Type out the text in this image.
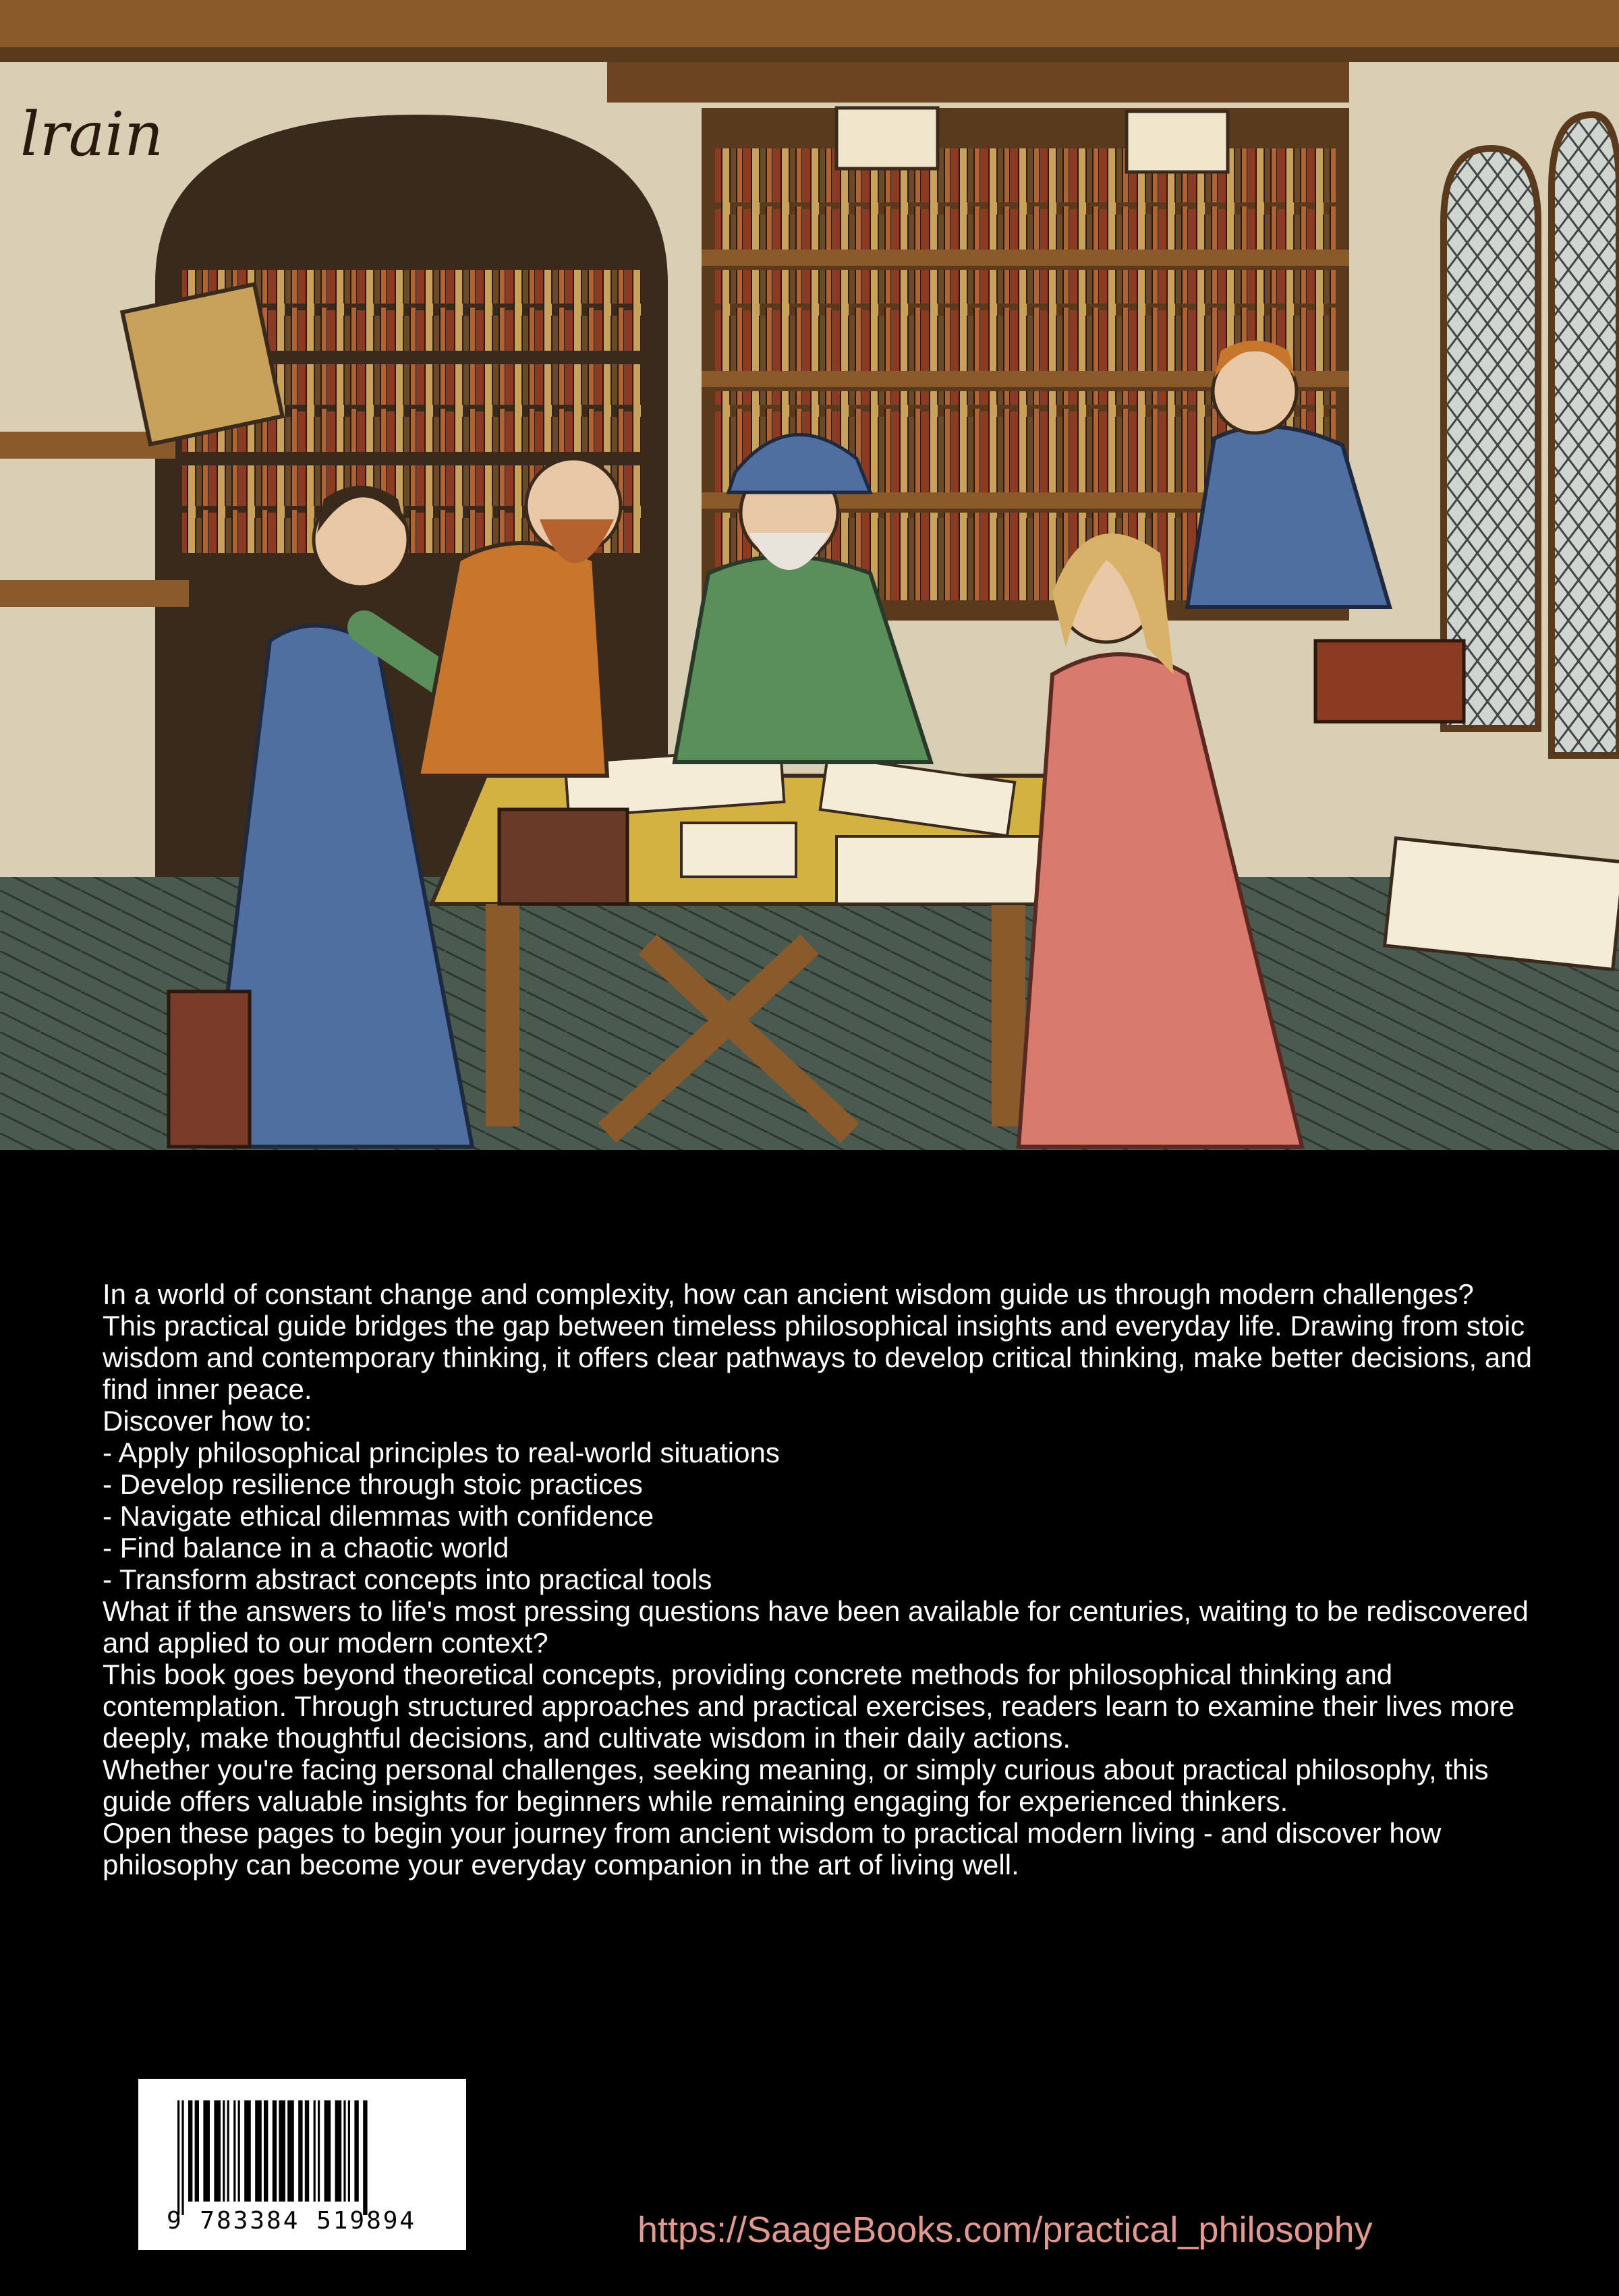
lrain

In a world of constant change and complexity, how can ancient wisdom guide us through modern challenges?

This practical guide bridges the gap between timeless philosophical insights and everyday life. Drawing from stoic wisdom and contemporary thinking, it offers clear pathways to develop critical thinking, make better decisions, and find inner peace.

Discover how to:

- Apply philosophical principles to real-world situations
- Develop resilience through stoic practices
- Navigate ethical dilemmas with confidence
- Find balance in a chaotic world
- Transform abstract concepts into practical tools

What if the answers to life's most pressing questions have been available for centuries, waiting to be rediscovered and applied to our modern context?

This book goes beyond theoretical concepts, providing concrete methods for philosophical thinking and contemplation. Through structured approaches and practical exercises, readers learn to examine their lives more deeply, make thoughtful decisions, and cultivate wisdom in their daily actions.

Whether you're facing personal challenges, seeking meaning, or simply curious about practical philosophy, this guide offers valuable insights for beginners while remaining engaging for experienced thinkers.

Open these pages to begin your journey from ancient wisdom to practical modern living - and discover how philosophy can become your everyday companion in the art of living well.

9 783384 519894	https://SaageBooks.com/practical_philosophy
